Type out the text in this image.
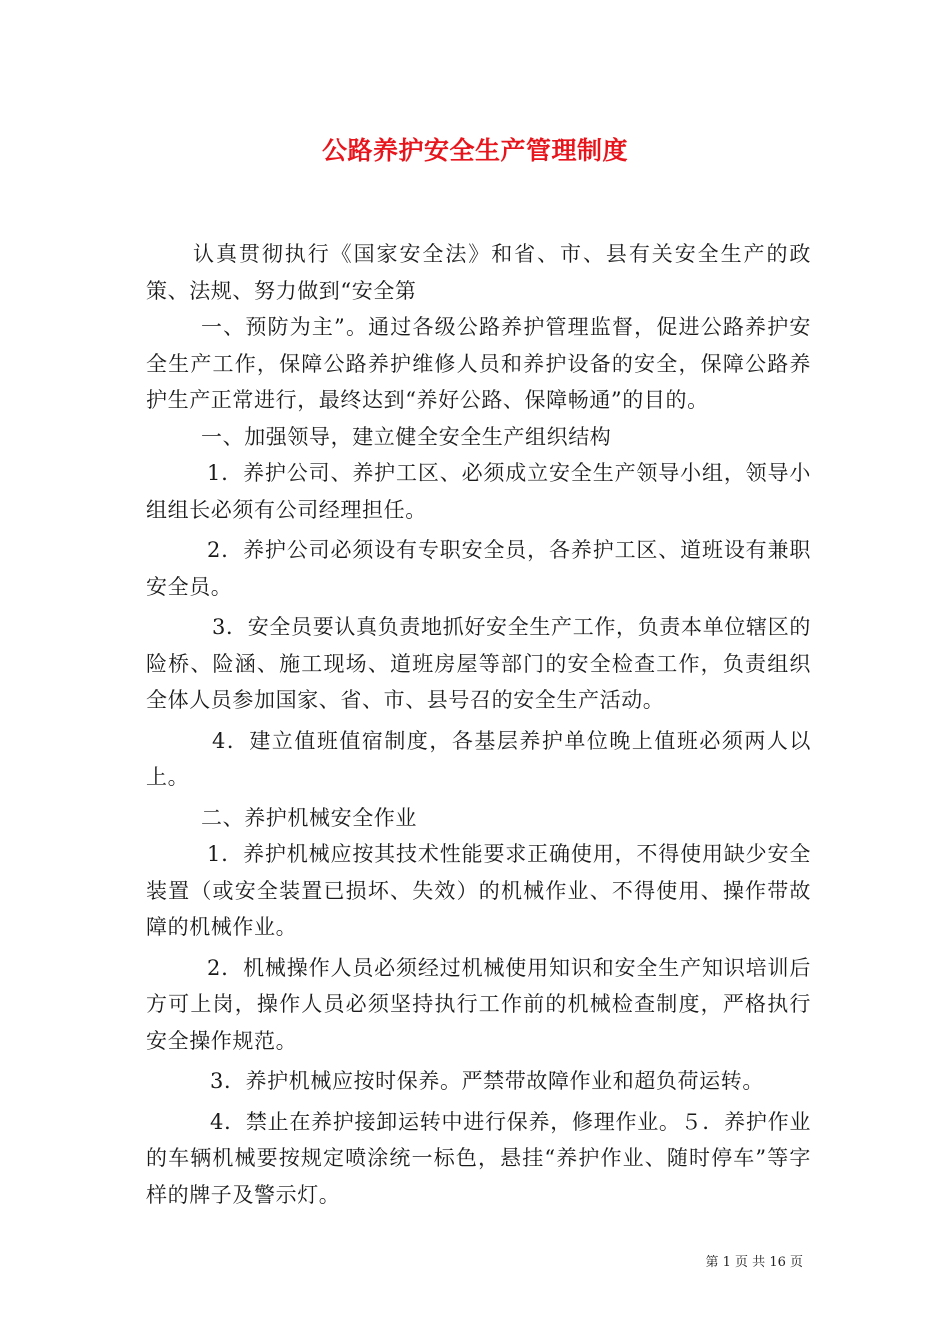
公路养护安全生产管理制度

认真贯彻执行《国家安全法》和省、市、县有关安全生产的政策、法规、努力做到“安全第

一、预防为主”。通过各级公路养护管理监督，促进公路养护安全生产工作，保障公路养护维修人员和养护设备的安全，保障公路养护生产正常进行，最终达到“养好公路、保障畅通”的目的。

一、加强领导，建立健全安全生产组织结构

1．养护公司、养护工区、必须成立安全生产领导小组，领导小组组长必须有公司经理担任。

2．养护公司必须设有专职安全员，各养护工区、道班设有兼职安全员。

3．安全员要认真负责地抓好安全生产工作，负责本单位辖区的险桥、险涵、施工现场、道班房屋等部门的安全检查工作，负责组织全体人员参加国家、省、市、县号召的安全生产活动。

4．建立值班值宿制度，各基层养护单位晚上值班必须两人以上。

二、养护机械安全作业

1．养护机械应按其技术性能要求正确使用，不得使用缺少安全装置（或安全装置已损坏、失效）的机械作业、不得使用、操作带故障的机械作业。

2．机械操作人员必须经过机械使用知识和安全生产知识培训后方可上岗，操作人员必须坚持执行工作前的机械检查制度，严格执行安全操作规范。

3．养护机械应按时保养。严禁带故障作业和超负荷运转。

4．禁止在养护接卸运转中进行保养，修理作业。５．养护作业的车辆机械要按规定喷涂统一标色，悬挂“养护作业、随时停车”等字样的牌子及警示灯。

第 1 页 共 16 页
